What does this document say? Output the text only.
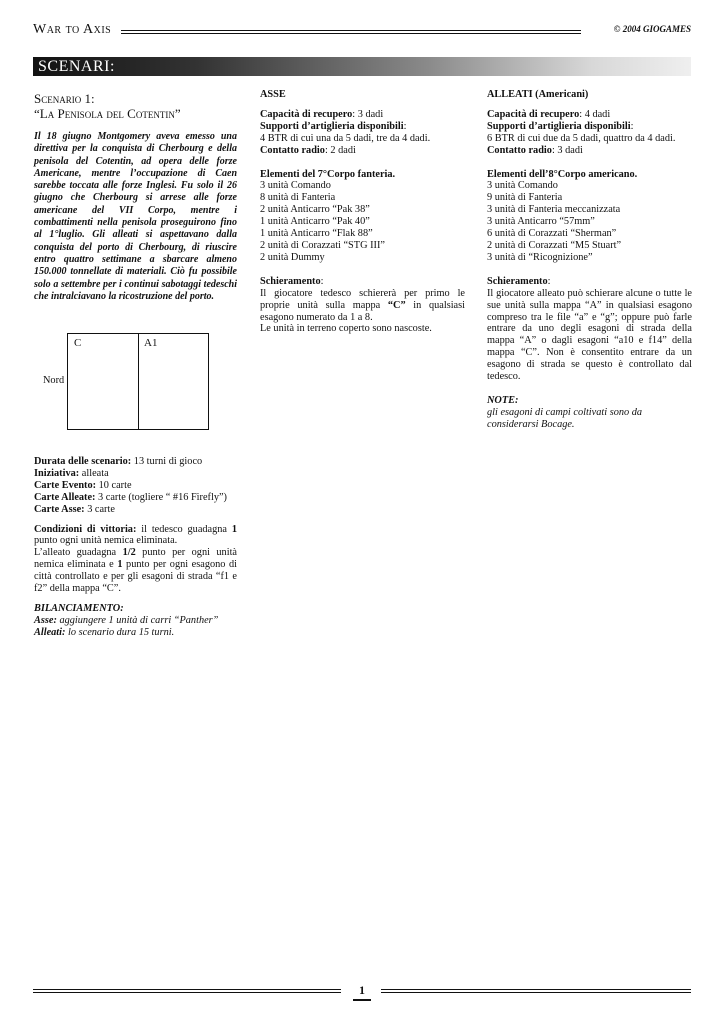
War to Axis	© 2004 GIOGAMES
SCENARI:

Scenario 1:

“La Penisola del Cotentin”

Il 18 giugno Montgomery aveva emesso una direttiva per la conquista di Cherbourg e della penisola del Cotentin, ad opera delle forze Americane, mentre l’occupazione di Caen sarebbe toccata alle forze Inglesi. Fu solo il 26 giugno che Cherbourg si arrese alle forze americane del VII Corpo, mentre i combattimenti nella penisola proseguirono fino al 1°luglio. Gli alleati si aspettavano dalla conquista del porto di Cherbourg, di riuscire entro quattro settimane a sbarcare almeno 150.000 tonnellate di materiali. Ciò fu possibile solo a settembre per i continui sabotaggi tedeschi che intralciavano la ricostruzione del porto.

Nord
C	A1

Durata delle scenario: 13 turni di gioco

Iniziativa: alleata

Carte Evento: 10 carte

Carte Alleate: 3 carte (togliere “ #16 Firefly”)

Carte Asse: 3 carte

Condizioni di vittoria: il tedesco guadagna 1 punto ogni unità nemica eliminata.

L’alleato guadagna 1/2 punto per ogni unità nemica eliminata e 1 punto per ogni esagono di città controllato e per gli esagoni di strada “f1 e f2” della mappa “C”.

BILANCIAMENTO:

Asse: aggiungere 1 unità di carri “Panther”

Alleati: lo scenario dura 15 turni.

ASSE

Capacità di recupero: 3 dadi

Supporti d’artiglieria disponibili:

4 BTR di cui una da 5 dadi, tre da 4 dadi.

Contatto radio: 2 dadi

Elementi del 7°Corpo fanteria.

3 unità Comando

8 unità di Fanteria

2 unità Anticarro “Pak 38”

1 unità Anticarro “Pak 40”

1 unità Anticarro “Flak 88”

2 unità di Corazzati “STG III”

2 unità Dummy

Schieramento:

Il giocatore tedesco schiererà per primo le proprie unità sulla mappa “C” in qualsiasi esagono numerato da 1 a 8.

Le unità in terreno coperto sono nascoste.

ALLEATI (Americani)

Capacità di recupero: 4 dadi

Supporti d’artiglieria disponibili:

6 BTR di cui due da 5 dadi, quattro da 4 dadi.

Contatto radio: 3 dadi

Elementi dell’8°Corpo americano.

3 unità Comando

9 unità di Fanteria

3 unità di Fanteria meccanizzata

3 unità Anticarro “57mm”

6 unità di Corazzati “Sherman”

2 unità di Corazzati “M5 Stuart”

3 unità di “Ricognizione”

Schieramento:

Il giocatore alleato può schierare alcune o tutte le sue unità sulla mappa “A” in qualsiasi esagono compreso tra le file “a” e “g”; oppure può farle entrare da uno degli esagoni di strada della mappa “A” o dagli esagoni “a10 e f14” della mappa “C”. Non è consentito entrare da un esagono di strada se questo è controllato dal tedesco.

NOTE:

gli esagoni di campi coltivati sono da considerarsi Bocage.

1
